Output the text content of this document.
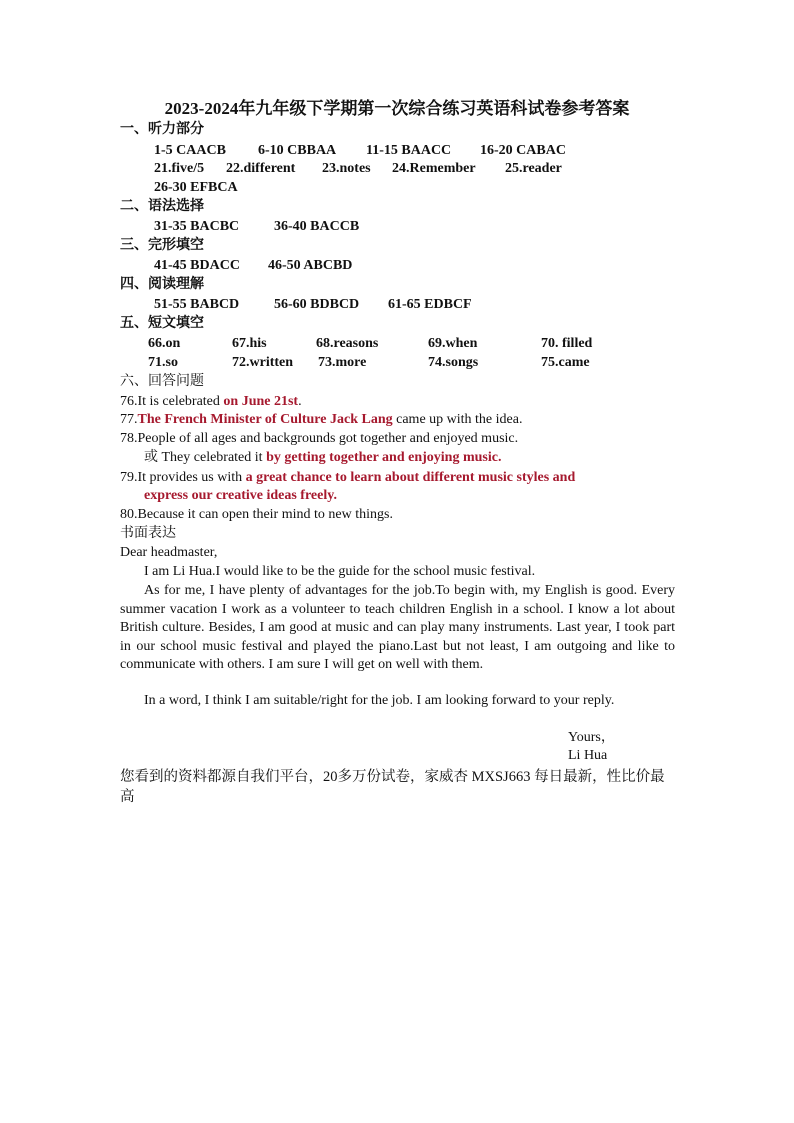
2023-2024年九年级下学期第一次综合练习英语科试卷参考答案
一、听力部分
1-5 CAACB 6-10 CBBAA 11-15 BAACC 16-20 CABAC
21.five/5 22.different 23.notes 24.Remember 25.reader
26-30 EFBCA
二、语法选择
31-35 BACBC 36-40 BACCB
三、完形填空
41-45 BDACC 46-50 ABCBD
四、阅读理解
51-55 BABCD 56-60 BDBCD 61-65 EDBCF
五、短文填空
66.on	67.his	68.reasons	69.when	70. filled
71.so	72.written 73.more	74.songs	75.came
六、回答问题
76.It is celebrated on June 21st.
77.The French Minister of Culture Jack Lang came up with the idea.
78.People of all ages and backgrounds got together and enjoyed music.
或 They celebrated it by getting together and enjoying music.
79.It provides us with a great chance to learn about different music styles and
express our creative ideas freely.
80.Because it can open their mind to new things.
书面表达
Dear headmaster,
I am Li Hua.I would like to be the guide for the school music festival.
As for me, I have plenty of advantages for the job.To begin with, my English is good. Every summer vacation I work as a volunteer to teach children English in a school. I know a lot about British culture. Besides, I am good at music and can play many instruments. Last year, I took part in our school music festival and played the piano.Last but not least, I am outgoing and like to communicate with others. I am sure I will get on well with them.
In a word, I think I am suitable/right for the job. I am looking forward to your reply.
Yours，
Li Hua
您看到的资料都源自我们平台，20多万份试卷，家威杏 MXSJ663 每日最新，性比价最高
